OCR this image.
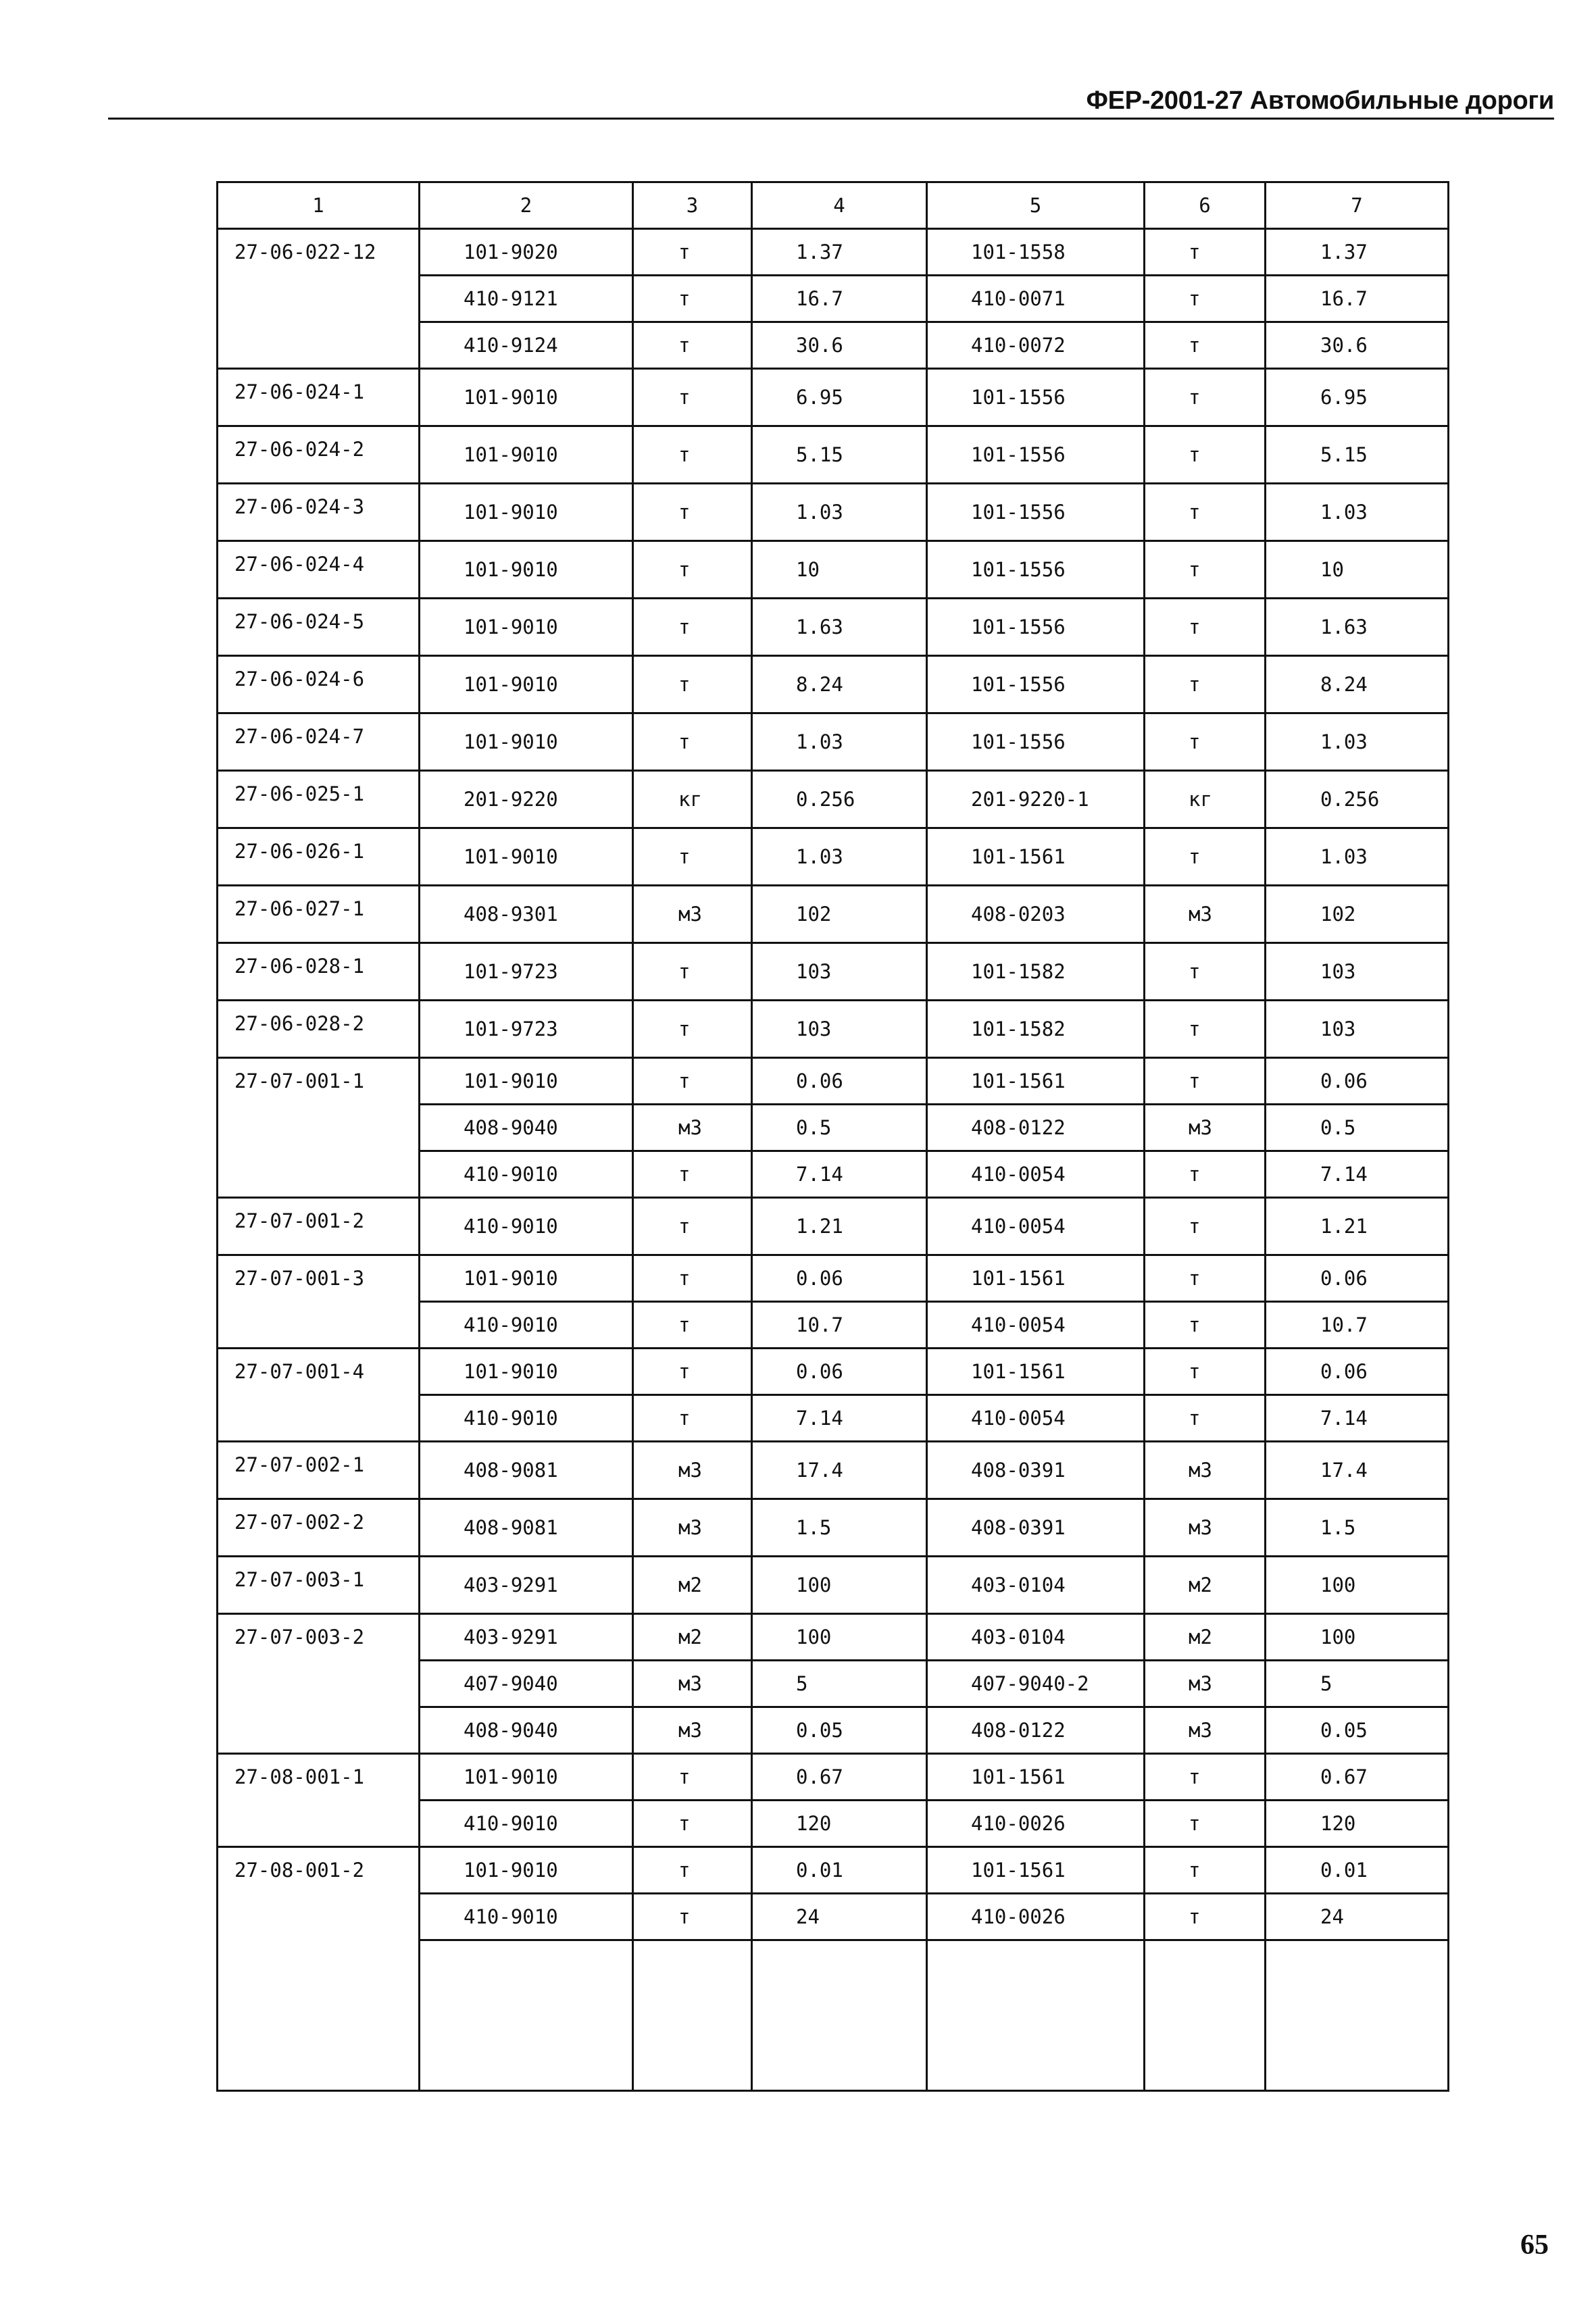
ФЕР-2001-27 Автомобильные дороги
1	2	3	4	5	6	7
27-06-022-12	101-9020	т	1.37	101-1558	т	1.37
	410-9121	т	16.7	410-0071	т	16.7
	410-9124	т	30.6	410-0072	т	30.6
27-06-024-1	101-9010	т	6.95	101-1556	т	6.95
27-06-024-2	101-9010	т	5.15	101-1556	т	5.15
27-06-024-3	101-9010	т	1.03	101-1556	т	1.03
27-06-024-4	101-9010	т	10	101-1556	т	10
27-06-024-5	101-9010	т	1.63	101-1556	т	1.63
27-06-024-6	101-9010	т	8.24	101-1556	т	8.24
27-06-024-7	101-9010	т	1.03	101-1556	т	1.03
27-06-025-1	201-9220	кг	0.256	201-9220-1	кг	0.256
27-06-026-1	101-9010	т	1.03	101-1561	т	1.03
27-06-027-1	408-9301	м3	102	408-0203	м3	102
27-06-028-1	101-9723	т	103	101-1582	т	103
27-06-028-2	101-9723	т	103	101-1582	т	103
27-07-001-1	101-9010	т	0.06	101-1561	т	0.06
	408-9040	м3	0.5	408-0122	м3	0.5
	410-9010	т	7.14	410-0054	т	7.14
27-07-001-2	410-9010	т	1.21	410-0054	т	1.21
27-07-001-3	101-9010	т	0.06	101-1561	т	0.06
	410-9010	т	10.7	410-0054	т	10.7
27-07-001-4	101-9010	т	0.06	101-1561	т	0.06
	410-9010	т	7.14	410-0054	т	7.14
27-07-002-1	408-9081	м3	17.4	408-0391	м3	17.4
27-07-002-2	408-9081	м3	1.5	408-0391	м3	1.5
27-07-003-1	403-9291	м2	100	403-0104	м2	100
27-07-003-2	403-9291	м2	100	403-0104	м2	100
	407-9040	м3	5	407-9040-2	м3	5
	408-9040	м3	0.05	408-0122	м3	0.05
27-08-001-1	101-9010	т	0.67	101-1561	т	0.67
	410-9010	т	120	410-0026	т	120
27-08-001-2	101-9010	т	0.01	101-1561	т	0.01
	410-9010	т	24	410-0026	т	24

65
